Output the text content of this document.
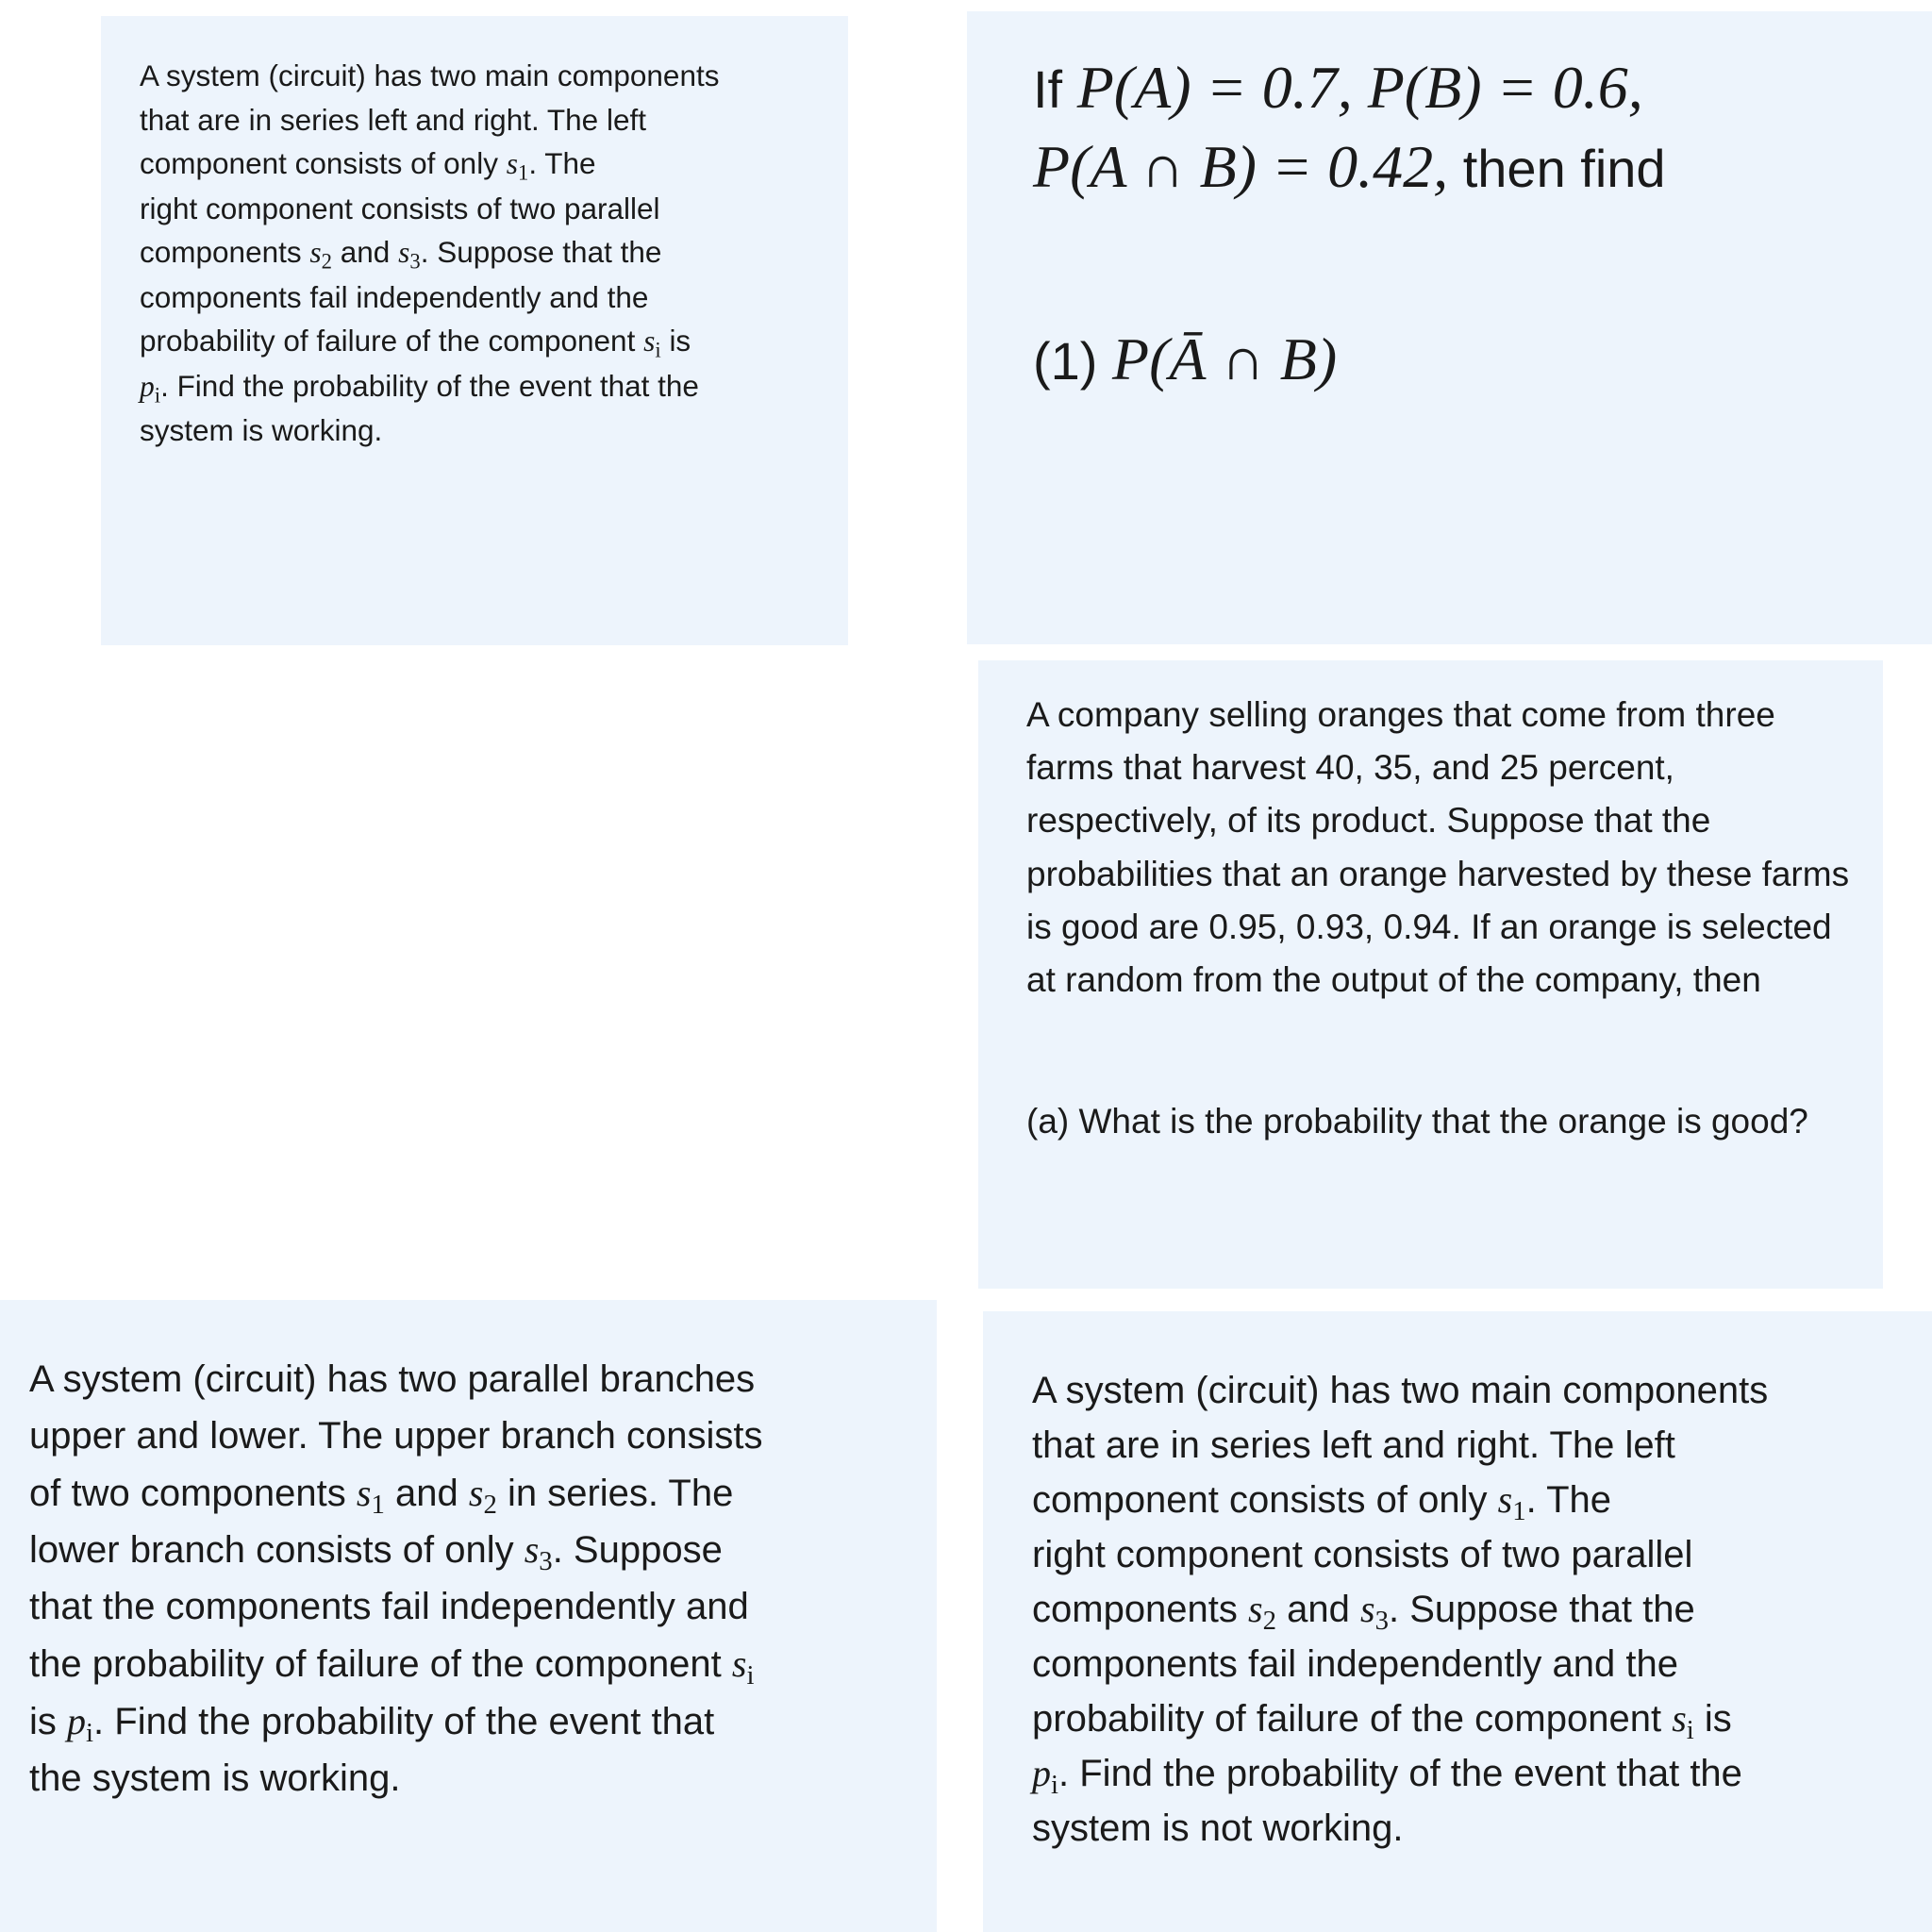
A system (circuit) has two main components
that are in series left and right. The left
component consists of only $s_1$. The
right component consists of two parallel
components $s_2$ and $s_3$. Suppose that the
components fail independently and the
probability of failure of the component $s_i$ is
$p_i$. Find the probability of the event that the
system is working.

If P(A) = 0.7, P(B) = 0.6,
P(A ∩ B) = 0.42, then find

(1) P(Ā ∩ B)

A company selling oranges that come from three farms that harvest 40, 35, and 25 percent, respectively, of its product. Suppose that the probabilities that an orange harvested by these farms is good are 0.95, 0.93, 0.94. If an orange is selected at random from the output of the company, then

(a) What is the probability that the orange is good?

A system (circuit) has two parallel branches
upper and lower. The upper branch consists
of two components $s_1$ and $s_2$ in series. The
lower branch consists of only $s_3$. Suppose
that the components fail independently and
the probability of failure of the component $s_i$
is $p_i$. Find the probability of the event that
the system is working.

A system (circuit) has two main components
that are in series left and right. The left
component consists of only $s_1$. The
right component consists of two parallel
components $s_2$ and $s_3$. Suppose that the
components fail independently and the
probability of failure of the component $s_i$ is
$p_i$. Find the probability of the event that the
system is not working.
